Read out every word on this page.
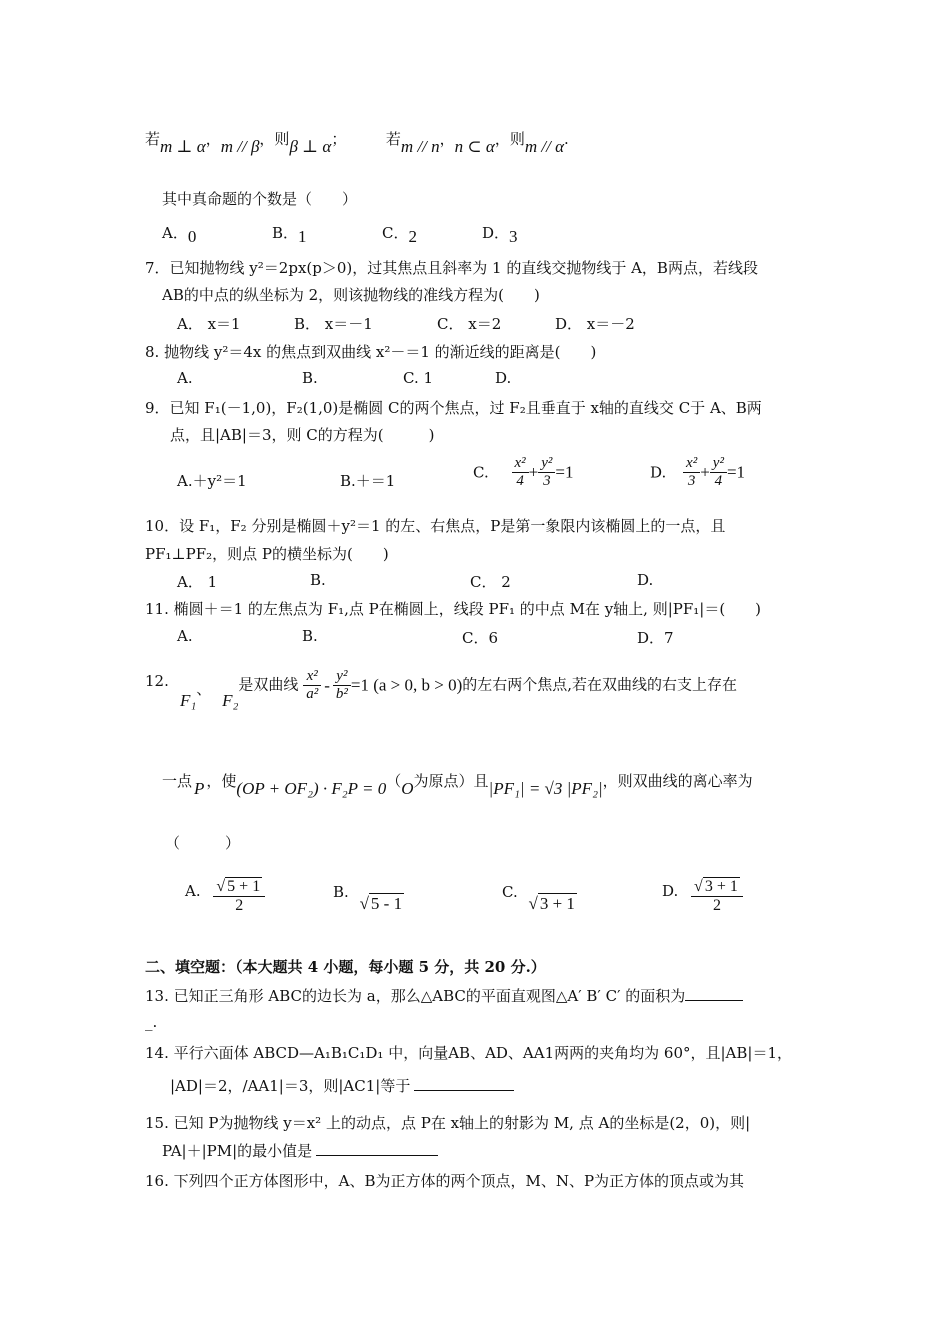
若m ⊥ α，m // β，则β ⊥ α；	若m // n，n ⊂ α，则m // α.
其中真命题的个数是（　　）
A．0	B．1	C．2	D．3
7．已知抛物线 y²＝2px(p＞0)，过其焦点且斜率为 1 的直线交抛物线于 A，B两点，若线段
AB的中点的纵坐标为 2，则该抛物线的准线方程为(　　)
A． x＝1	B． x＝－1	C． x＝2	D． x＝－2
8. 抛物线 y²＝4x 的焦点到双曲线 x²－＝1 的渐近线的距离是(　　)
A.	B.	C. 1	D.
9．已知 F₁(－1,0)，F₂(1,0)是椭圆 C的两个焦点，过 F₂且垂直于 x轴的直线交 C于 A、B两
点，且|AB|＝3，则 C的方程为(　　　)
A.＋y²＝1	B.＋＝1	C. $\frac{\text{x²}}{4} + \frac{\text{y²}}{3} =1$	D. $\frac{\text{x²}}{3} + \frac{\text{y²}}{4} =1$
10．设 F₁，F₂ 分别是椭圆＋y²＝1 的左、右焦点，P是第一象限内该椭圆上的一点，且
PF₁⊥PF₂，则点 P的横坐标为(　　)
A． 1	B.	C． 2	D.
11. 椭圆＋＝1 的左焦点为 F₁,点 P在椭圆上，线段 PF₁ 的中点 M在 y轴上, 则|PF₁|＝(　　)
A.	B.	C．6	D．7
12.
F₁、 F₂是双曲线 $\frac{\text{x²}}{\text{a²}} - \frac{\text{y²}}{\text{b²}} =1$ (a > 0, b > 0)的左右两个焦点,若在双曲线的右支上存在
一点 P ，使(OP + OF₂) · F₂P = 0（O为原点）且|PF₁| = √3 |PF₂|，则双曲线的离心率为
（　　　）
A. $\frac{√ 5 + 1}{2}$	B. √ 5 - 1
C. √ 3 + 1
D. $\frac{√ 3 + 1}{2}$
二、填空题：（本大题共 4 小题，每小题 5 分，共 20 分.）
13. 已知正三角形 ABC的边长为 a，那么△ABC的平面直观图△A′ B′ C′ 的面积为
_.
14. 平行六面体 ABCD—A₁B₁C₁D₁ 中，向量AB、AD、AA1两两的夹角均为 60°，且|AB|＝1，
|AD|＝2，/AA1|＝3，则|AC1|等于
15. 已知 P为抛物线 y＝x² 上的动点，点 P在 x轴上的射影为 M, 点 A的坐标是(2，0)，则|
PA|＋|PM|的最小值是
16. 下列四个正方体图形中，A、B为正方体的两个顶点，M、N、P为正方体的顶点或为其
